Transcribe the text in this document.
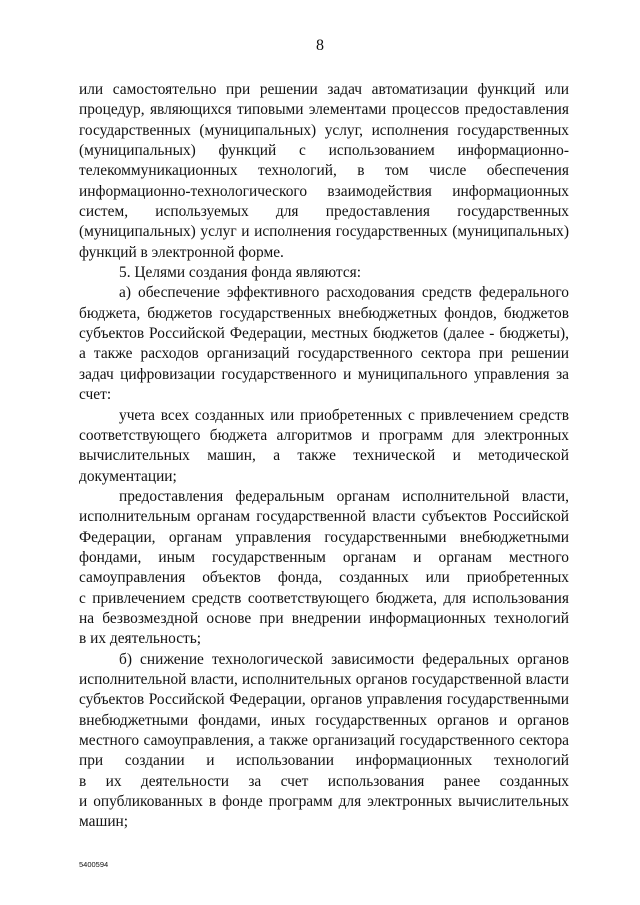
8
или самостоятельно при решении задач автоматизации функций или
процедур, являющихся типовыми элементами процессов предоставления
государственных (муниципальных) услуг, исполнения государственных
(муниципальных) функций с использованием информационно-
телекоммуникационных технологий, в том числе обеспечения
информационно-технологического взаимодействия информационных
систем, используемых для предоставления государственных
(муниципальных) услуг и исполнения государственных (муниципальных)
функций в электронной форме.
5. Целями создания фонда являются:
а) обеспечение эффективного расходования средств федерального
бюджета, бюджетов государственных внебюджетных фондов, бюджетов
субъектов Российской Федерации, местных бюджетов (далее - бюджеты),
а также расходов организаций государственного сектора при решении
задач цифровизации государственного и муниципального управления за
счет:
учета всех созданных или приобретенных с привлечением средств
соответствующего бюджета алгоритмов и программ для электронных
вычислительных машин, а также технической и методической
документации;
предоставления федеральным органам исполнительной власти,
исполнительным органам государственной власти субъектов Российской
Федерации, органам управления государственными внебюджетными
фондами, иным государственным органам и органам местного
самоуправления объектов фонда, созданных или приобретенных
с привлечением средств соответствующего бюджета, для использования
на безвозмездной основе при внедрении информационных технологий
в их деятельность;
б) снижение технологической зависимости федеральных органов
исполнительной власти, исполнительных органов государственной власти
субъектов Российской Федерации, органов управления государственными
внебюджетными фондами, иных государственных органов и органов
местного самоуправления, а также организаций государственного сектора
при создании и использовании информационных технологий
в их деятельности за счет использования ранее созданных
и опубликованных в фонде программ для электронных вычислительных
машин;
5400594
